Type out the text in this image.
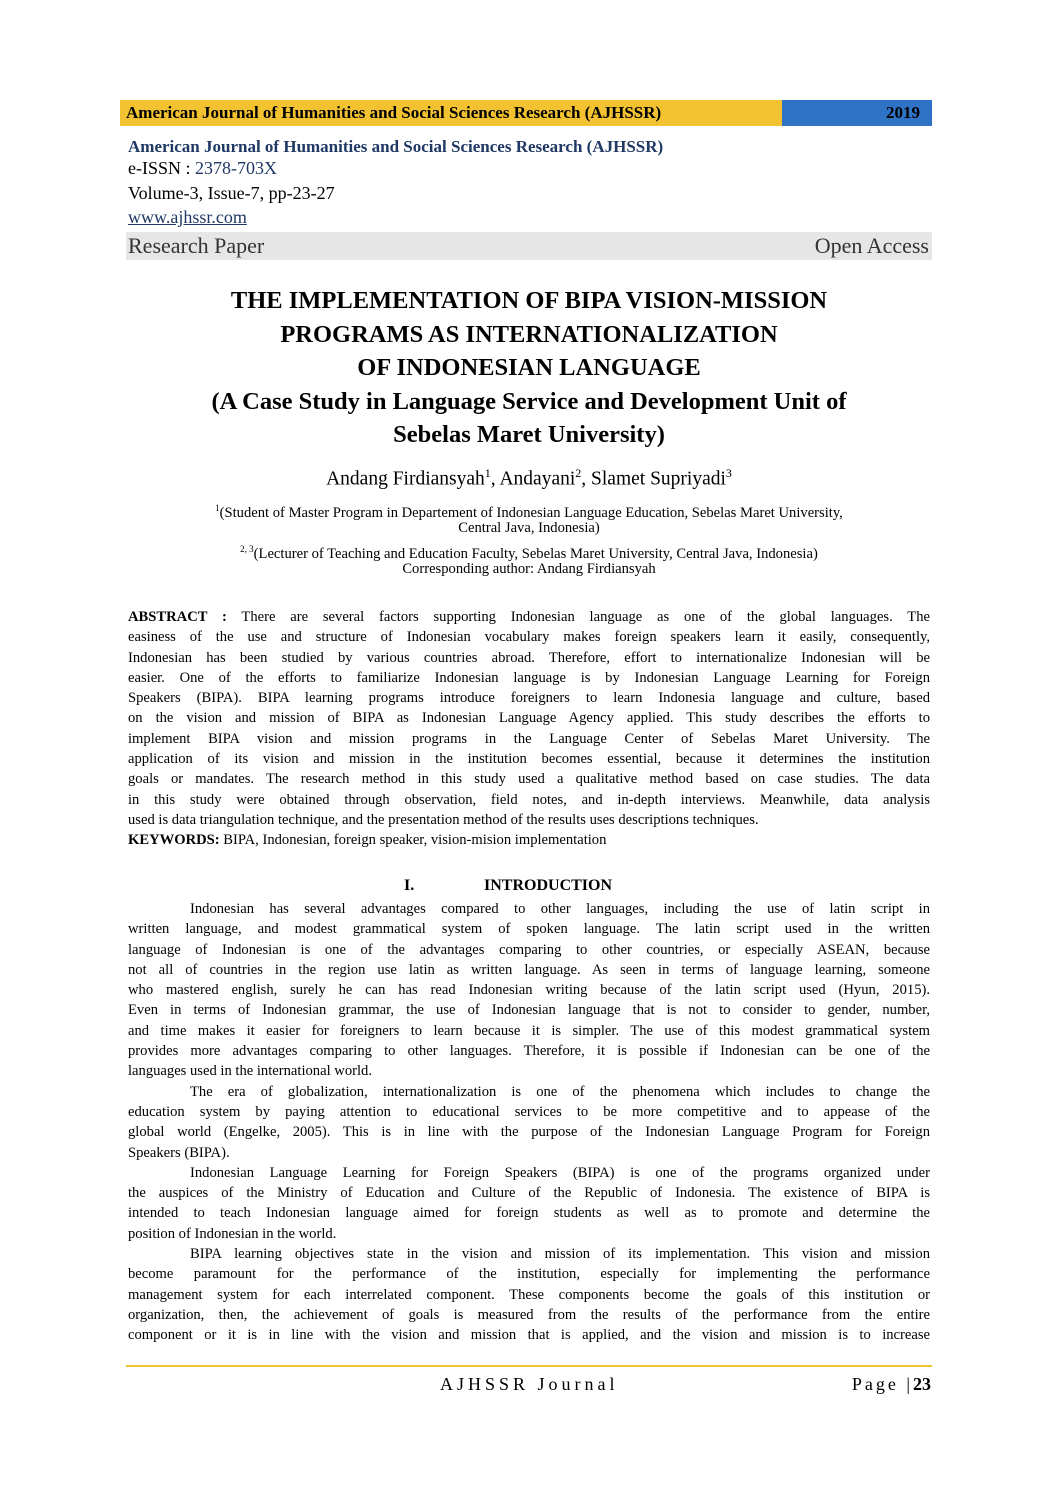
American Journal of Humanities and Social Sciences Research (AJHSSR)	2019
American Journal of Humanities and Social Sciences Research (AJHSSR)
e-ISSN : 2378-703X
Volume-3, Issue-7, pp-23-27
www.ajhssr.com
Research Paper	Open Access
THE IMPLEMENTATION OF BIPA VISION-MISSION
PROGRAMS AS INTERNATIONALIZATION
OF INDONESIAN LANGUAGE
(A Case Study in Language Service and Development Unit of
Sebelas Maret University)
Andang Firdiansyah$^1$, Andayani$^2$, Slamet Supriyadi$^3$
$^1$(Student of Master Program in Departement of Indonesian Language Education, Sebelas Maret University,
Central Java, Indonesia)
$^{2, 3}$(Lecturer of Teaching and Education Faculty, Sebelas Maret University, Central Java, Indonesia)
Corresponding author: Andang Firdiansyah
ABSTRACT : There are several factors supporting Indonesian language as one of the global languages. The
easiness of the use and structure of Indonesian vocabulary makes foreign speakers learn it easily, consequently,
Indonesian has been studied by various countries abroad. Therefore, effort to internationalize Indonesian will be
easier. One of the efforts to familiarize Indonesian language is by Indonesian Language Learning for Foreign
Speakers (BIPA). BIPA learning programs introduce foreigners to learn Indonesia language and culture, based
on the vision and mission of BIPA as Indonesian Language Agency applied. This study describes the efforts to
implement BIPA vision and mission programs in the Language Center of Sebelas Maret University. The
application of its vision and mission in the institution becomes essential, because it determines the institution
goals or mandates. The research method in this study used a qualitative method based on case studies. The data
in this study were obtained through observation, field notes, and in-depth interviews. Meanwhile, data analysis
used is data triangulation technique, and the presentation method of the results uses descriptions techniques.
KEYWORDS: BIPA, Indonesian, foreign speaker, vision-mision implementation
I.	INTRODUCTION
Indonesian has several advantages compared to other languages, including the use of latin script in
written language, and modest grammatical system of spoken language. The latin script used in the written
language of Indonesian is one of the advantages comparing to other countries, or especially ASEAN, because
not all of countries in the region use latin as written language. As seen in terms of language learning, someone
who mastered english, surely he can has read Indonesian writing because of the latin script used (Hyun, 2015).
Even in terms of Indonesian grammar, the use of Indonesian language that is not to consider to gender, number,
and time makes it easier for foreigners to learn because it is simpler. The use of this modest grammatical system
provides more advantages comparing to other languages. Therefore, it is possible if Indonesian can be one of the
languages used in the international world.
The era of globalization, internationalization is one of the phenomena which includes to change the
education system by paying attention to educational services to be more competitive and to appease of the
global world (Engelke, 2005). This is in line with the purpose of the Indonesian Language Program for Foreign
Speakers (BIPA).
Indonesian Language Learning for Foreign Speakers (BIPA) is one of the programs organized under
the auspices of the Ministry of Education and Culture of the Republic of Indonesia. The existence of BIPA is
intended to teach Indonesian language aimed for foreign students as well as to promote and determine the
position of Indonesian in the world.
BIPA learning objectives state in the vision and mission of its implementation. This vision and mission
become paramount for the performance of the institution, especially for implementing the performance
management system for each interrelated component. These components become the goals of this institution or
organization, then, the achievement of goals is measured from the results of the performance from the entire
component or it is in line with the vision and mission that is applied, and the vision and mission is to increase
AJHSSR Journal	Page |23
